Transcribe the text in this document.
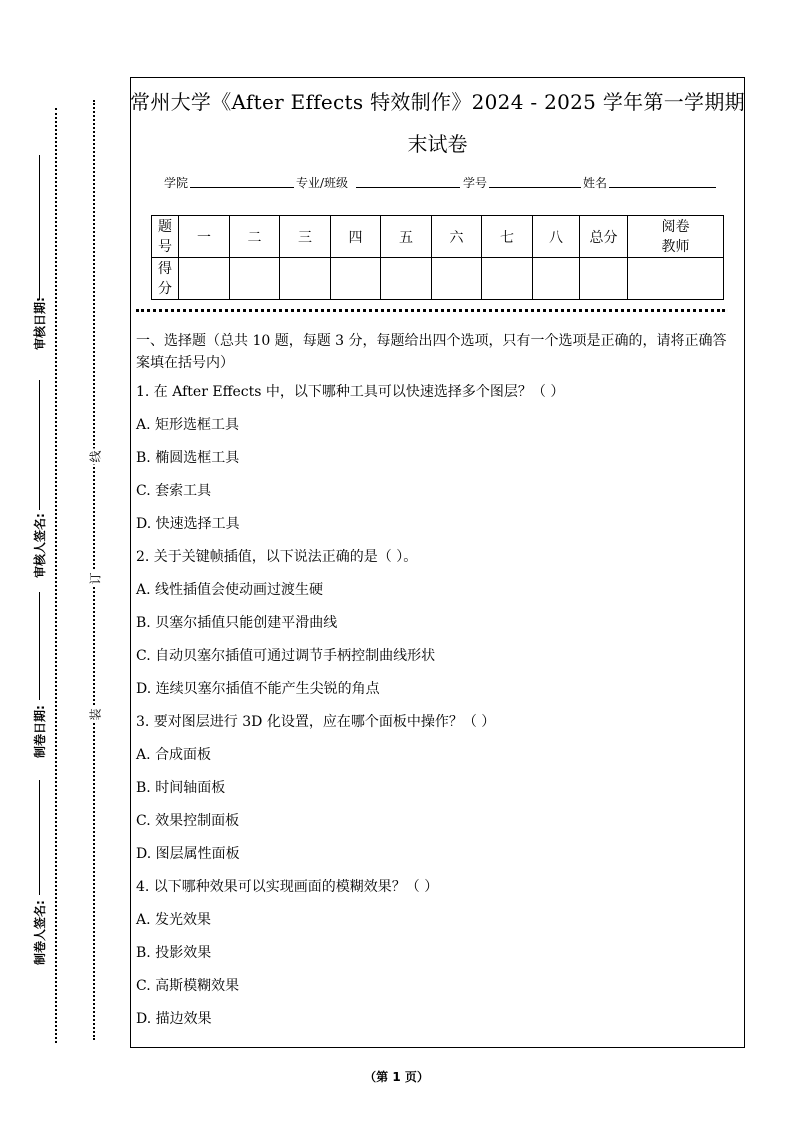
审核日期:
审核人签名:
制卷日期:
制卷人签名:
线
订
装
常州大学《After Effects 特效制作》2024 - 2025 学年第一学期期
末试卷
学院	专业/班级	学号	姓名
题号	一	二	三	四	五	六	七	八	总分	阅卷教师
得分										
一、选择题（总共 10 题，每题 3 分，每题给出四个选项，只有一个选项是正确的，请将正确答案填在括号内）
1. 在 After Effects 中，以下哪种工具可以快速选择多个图层？（ ）
A. 矩形选框工具
B. 椭圆选框工具
C. 套索工具
D. 快速选择工具
2. 关于关键帧插值，以下说法正确的是（ ）。
A. 线性插值会使动画过渡生硬
B. 贝塞尔插值只能创建平滑曲线
C. 自动贝塞尔插值可通过调节手柄控制曲线形状
D. 连续贝塞尔插值不能产生尖锐的角点
3. 要对图层进行 3D 化设置，应在哪个面板中操作？（ ）
A. 合成面板
B. 时间轴面板
C. 效果控制面板
D. 图层属性面板
4. 以下哪种效果可以实现画面的模糊效果？（ ）
A. 发光效果
B. 投影效果
C. 高斯模糊效果
D. 描边效果
（第 1 页）
